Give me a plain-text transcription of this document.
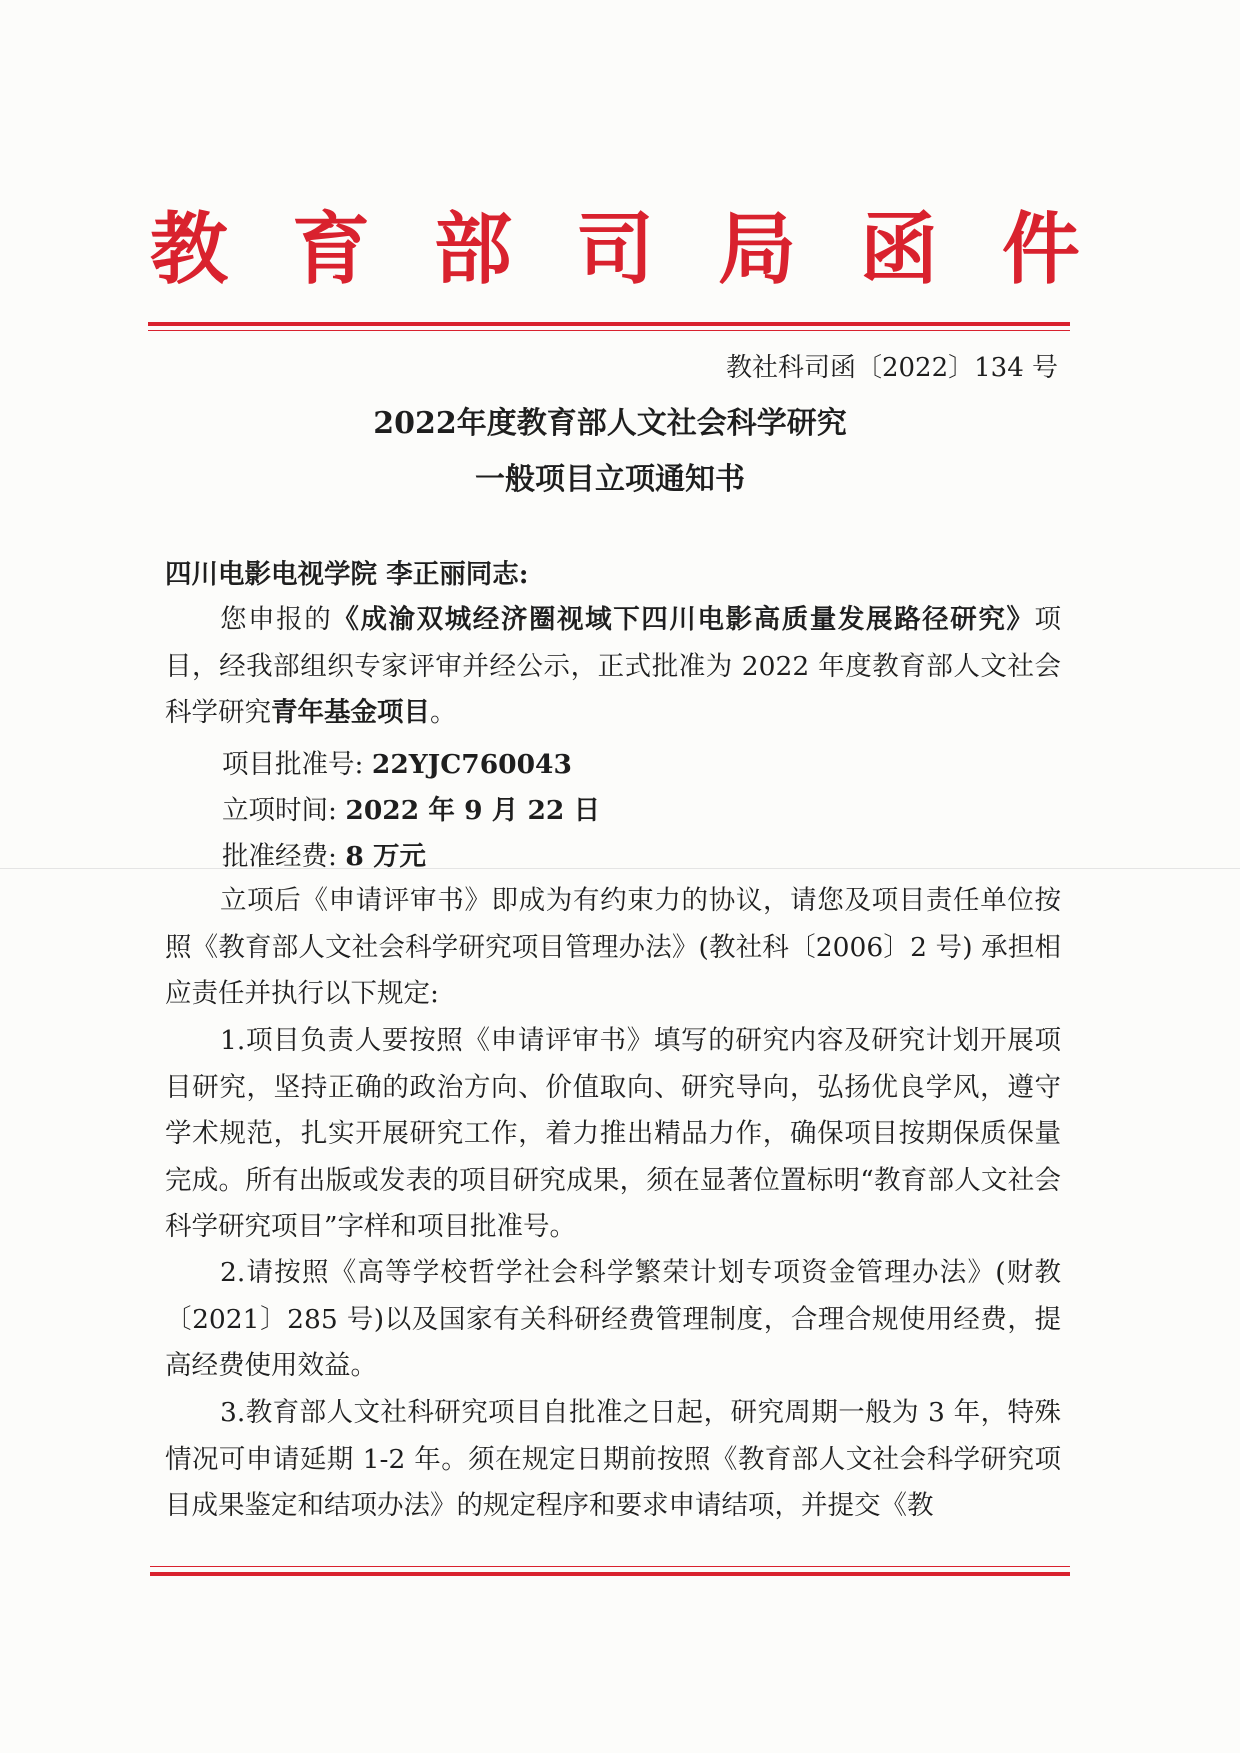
教 育 部 司 局 函 件
教社科司函〔2022〕134 号
2022年度教育部人文社会科学研究
一般项目立项通知书
四川电影电视学院 李正丽同志:
您申报的《成渝双城经济圈视域下四川电影高质量发展路径研究》项目，经我部组织专家评审并经公示，正式批准为 2022 年度教育部人文社会科学研究青年基金项目。
项目批准号: 22YJC760043
立项时间: 2022 年 9 月 22 日
批准经费: 8 万元
立项后《申请评审书》即成为有约束力的协议，请您及项目责任单位按照《教育部人文社会科学研究项目管理办法》(教社科〔2006〕2 号) 承担相应责任并执行以下规定:
1.项目负责人要按照《申请评审书》填写的研究内容及研究计划开展项目研究，坚持正确的政治方向、价值取向、研究导向，弘扬优良学风，遵守学术规范，扎实开展研究工作，着力推出精品力作，确保项目按期保质保量完成。所有出版或发表的项目研究成果，须在显著位置标明“教育部人文社会科学研究项目”字样和项目批准号。
2.请按照《高等学校哲学社会科学繁荣计划专项资金管理办法》(财教〔2021〕285 号)以及国家有关科研经费管理制度，合理合规使用经费，提高经费使用效益。
3.教育部人文社科研究项目自批准之日起，研究周期一般为 3 年，特殊情况可申请延期 1-2 年。须在规定日期前按照《教育部人文社会科学研究项目成果鉴定和结项办法》的规定程序和要求申请结项，并提交《教
